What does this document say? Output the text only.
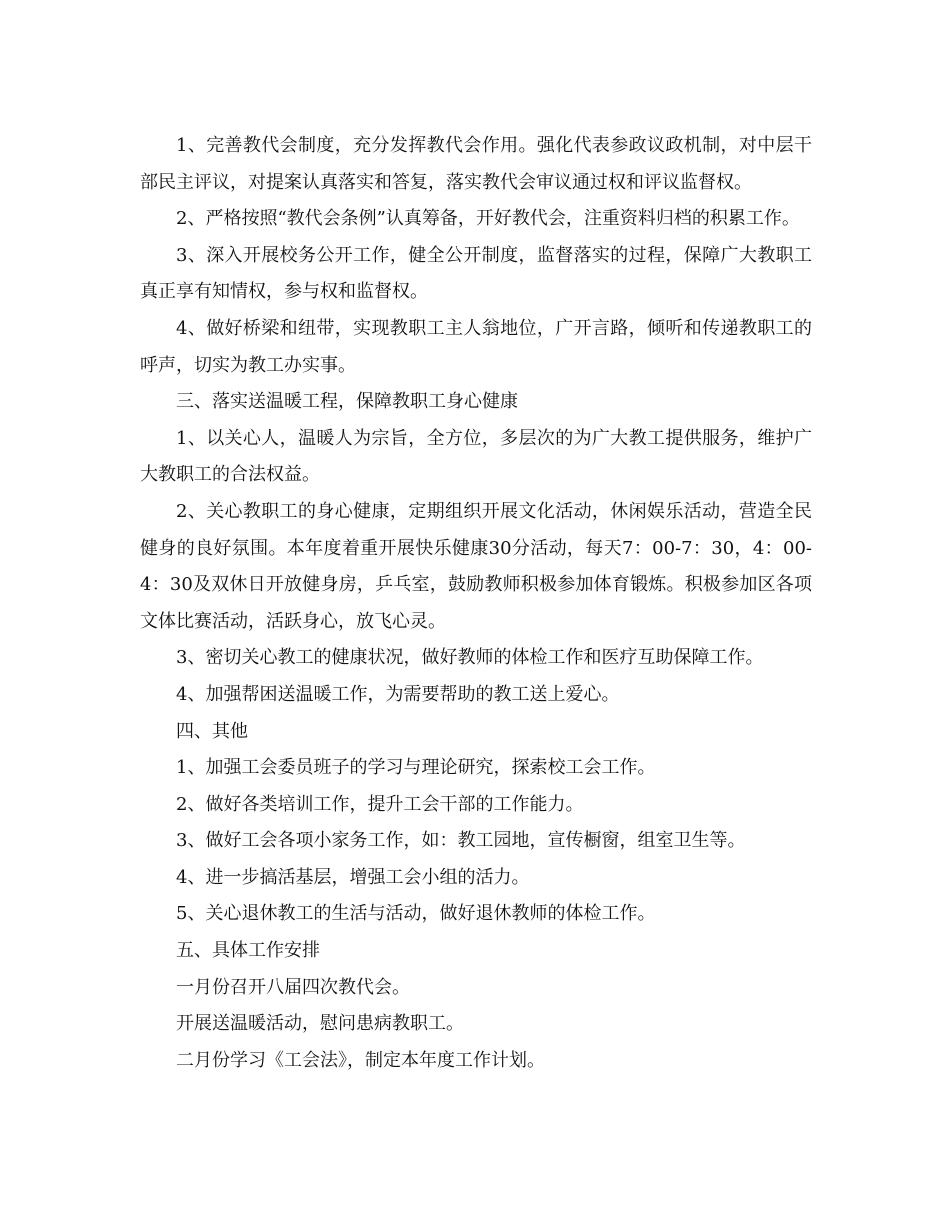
1、完善教代会制度，充分发挥教代会作用。强化代表参政议政机制，对中层干部民主评议，对提案认真落实和答复，落实教代会审议通过权和评议监督权。

2、严格按照“教代会条例”认真筹备，开好教代会，注重资料归档的积累工作。

3、深入开展校务公开工作，健全公开制度，监督落实的过程，保障广大教职工真正享有知情权，参与权和监督权。

4、做好桥梁和纽带，实现教职工主人翁地位，广开言路，倾听和传递教职工的呼声，切实为教工办实事。

三、落实送温暖工程，保障教职工身心健康

1、以关心人，温暖人为宗旨，全方位，多层次的为广大教工提供服务，维护广大教职工的合法权益。

2、关心教职工的身心健康，定期组织开展文化活动，休闲娱乐活动，营造全民健身的良好氛围。本年度着重开展快乐健康30分活动，每天7：00-7：30，4：00-4：30及双休日开放健身房，乒乓室，鼓励教师积极参加体育锻炼。积极参加区各项文体比赛活动，活跃身心，放飞心灵。

3、密切关心教工的健康状况，做好教师的体检工作和医疗互助保障工作。

4、加强帮困送温暖工作，为需要帮助的教工送上爱心。

四、其他

1、加强工会委员班子的学习与理论研究，探索校工会工作。

2、做好各类培训工作，提升工会干部的工作能力。

3、做好工会各项小家务工作，如：教工园地，宣传橱窗，组室卫生等。

4、进一步搞活基层，增强工会小组的活力。

5、关心退休教工的生活与活动，做好退休教师的体检工作。

五、具体工作安排

一月份召开八届四次教代会。

开展送温暖活动，慰问患病教职工。

二月份学习《工会法》，制定本年度工作计划。
